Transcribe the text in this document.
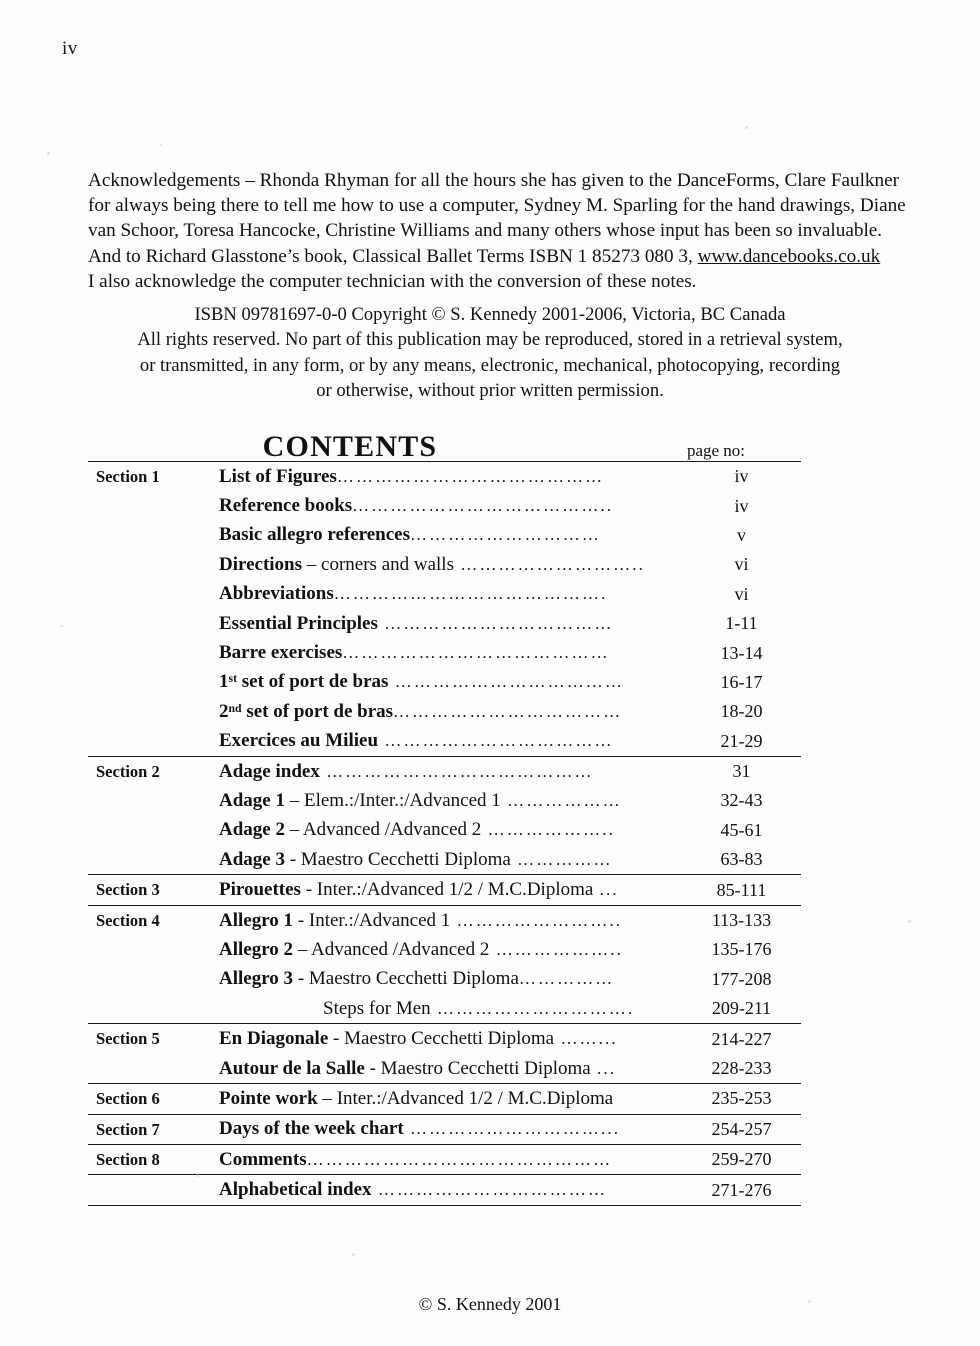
iv
Acknowledgements – Rhonda Rhyman for all the hours she has given to the DanceForms, Clare Faulkner
for always being there to tell me how to use a computer, Sydney M. Sparling for the hand drawings, Diane
van Schoor, Toresa Hancocke, Christine Williams and many others whose input has been so invaluable.
And to Richard Glasstone’s book, Classical Ballet Terms ISBN 1 85273 080 3, www.dancebooks.co.uk
I also acknowledge the computer technician with the conversion of these notes.
ISBN 09781697-0-0 Copyright © S. Kennedy 2001-2006, Victoria, BC Canada
All rights reserved. No part of this publication may be reproduced, stored in a retrieval system,
or transmitted, in any form, or by any means, electronic, mechanical, photocopying, recording
or otherwise, without prior written permission.
CONTENTS	page no:
Section 1	List of Figures……………………………………	iv
	Reference books…………………………………..	iv
	Basic allegro references…………………………	v
	Directions – corners and walls ………………………..	vi
	Abbreviations…………………………………….	vi
	Essential Principles ………………………………	1-11
	Barre exercises……………………………………	13-14
	1st set of port de bras ………………………………	16-17
	2nd set of port de bras………………………………	18-20
	Exercices au Milieu ………………………………	21-29
Section 2	Adage index ……………………………………	31
	Adage 1 – Elem.:/Inter.:/Advanced 1 ………………	32-43
	Adage 2 – Advanced /Advanced 2 ………………..	45-61
	Adage 3 - Maestro Cecchetti Diploma ……………	63-83
Section 3	Pirouettes - Inter.:/Advanced 1/2 / M.C.Diploma ...	85-111
Section 4	Allegro 1 - Inter.:/Advanced 1 ……………………..	113-133
	Allegro 2 – Advanced /Advanced 2 ………………..	135-176
	Allegro 3 - Maestro Cecchetti Diploma……………	177-208
	Steps for Men ………………………….	209-211
Section 5	En Diagonale - Maestro Cecchetti Diploma ……...	214-227
	Autour de la Salle - Maestro Cecchetti Diploma ...	228-233
Section 6	Pointe work – Inter.:/Advanced 1/2 / M.C.Diploma	235-253
Section 7	Days of the week chart …………………………...	254-257
Section 8	Comments…………………………………………	259-270
	Alphabetical index ………………………………	271-276
© S. Kennedy 2001
